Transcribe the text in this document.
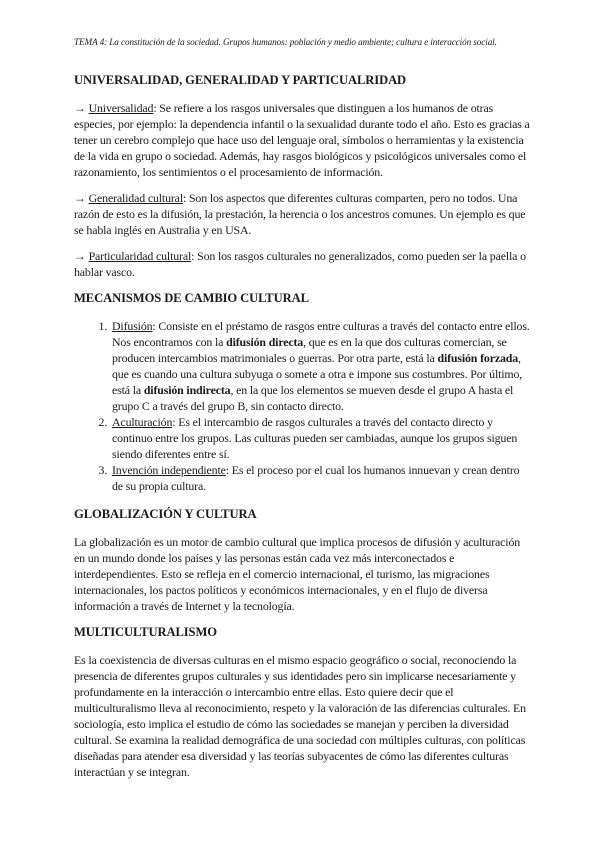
TEMA 4: La constitución de la sociedad. Grupos humanos: población y medio ambiente; cultura e interacción social.
UNIVERSALIDAD, GENERALIDAD Y PARTICUALRIDAD

→ Universalidad: Se refiere a los rasgos universales que distinguen a los humanos de otras especies, por ejemplo: la dependencia infantil o la sexualidad durante todo el año. Esto es gracias a tener un cerebro complejo que hace uso del lenguaje oral, símbolos o herramientas y la existencia de la vida en grupo o sociedad. Además, hay rasgos biológicos y psicológicos universales como el razonamiento, los sentimientos o el procesamiento de información.

→ Generalidad cultural: Son los aspectos que diferentes culturas comparten, pero no todos. Una razón de esto es la difusión, la prestación, la herencia o los ancestros comunes. Un ejemplo es que se habla inglés en Australia y en USA.

→ Particularidad cultural: Son los rasgos culturales no generalizados, como pueden ser la paella o hablar vasco.

MECANISMOS DE CAMBIO CULTURAL
1. Difusión: Consiste en el préstamo de rasgos entre culturas a través del contacto entre ellos. Nos encontramos con la difusión directa, que es en la que dos culturas comercian, se producen intercambios matrimoniales o guerras. Por otra parte, está la difusión forzada, que es cuando una cultura subyuga o somete a otra e impone sus costumbres. Por último, está la difusión indirecta, en la que los elementos se mueven desde el grupo A hasta el grupo C a través del grupo B, sin contacto directo.
2. Aculturación: Es el intercambio de rasgos culturales a través del contacto directo y continuo entre los grupos. Las culturas pueden ser cambiadas, aunque los grupos siguen siendo diferentes entre sí.
3. Invención independiente: Es el proceso por el cual los humanos innuevan y crean dentro de su propia cultura.
GLOBALIZACIÓN Y CULTURA

La globalización es un motor de cambio cultural que implica procesos de difusión y aculturación en un mundo donde los países y las personas están cada vez más interconectados e interdependientes. Esto se refleja en el comercio internacional, el turismo, las migraciones internacionales, los pactos políticos y económicos internacionales, y en el flujo de diversa información a través de Internet y la tecnología.

MULTICULTURALISMO

Es la coexistencia de diversas culturas en el mismo espacio geográfico o social, reconociendo la presencia de diferentes grupos culturales y sus identidades pero sin implicarse necesariamente y profundamente en la interacción o intercambio entre ellas. Esto quiere decir que el multiculturalismo lleva al reconocimiento, respeto y la valoración de las diferencias culturales. En sociología, esto implica el estudio de cómo las sociedades se manejan y perciben la diversidad cultural. Se examina la realidad demográfica de una sociedad con múltiples culturas, con políticas diseñadas para atender esa diversidad y las teorías subyacentes de cómo las diferentes culturas interactúan y se integran.
